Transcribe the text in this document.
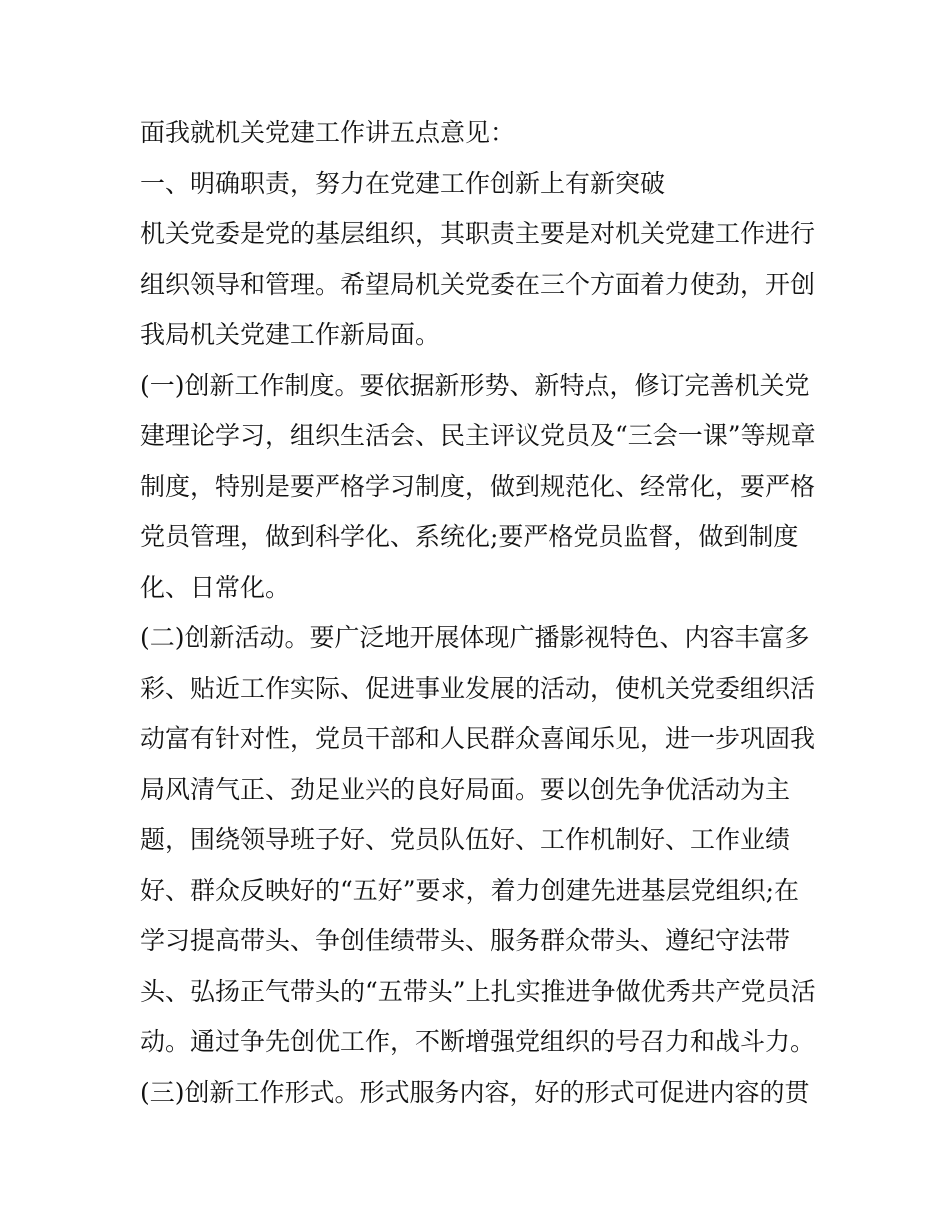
面我就机关党建工作讲五点意见：
一、明确职责，努力在党建工作创新上有新突破
机关党委是党的基层组织，其职责主要是对机关党建工作进行
组织领导和管理。希望局机关党委在三个方面着力使劲，开创
我局机关党建工作新局面。
(一)创新工作制度。要依据新形势、新特点，修订完善机关党
建理论学习，组织生活会、民主评议党员及“三会一课”等规章
制度，特别是要严格学习制度，做到规范化、经常化，要严格
党员管理，做到科学化、系统化;要严格党员监督，做到制度
化、日常化。
(二)创新活动。要广泛地开展体现广播影视特色、内容丰富多
彩、贴近工作实际、促进事业发展的活动，使机关党委组织活
动富有针对性，党员干部和人民群众喜闻乐见，进一步巩固我
局风清气正、劲足业兴的良好局面。要以创先争优活动为主
题，围绕领导班子好、党员队伍好、工作机制好、工作业绩
好、群众反映好的“五好”要求，着力创建先进基层党组织;在
学习提高带头、争创佳绩带头、服务群众带头、遵纪守法带
头、弘扬正气带头的“五带头”上扎实推进争做优秀共产党员活
动。通过争先创优工作，不断增强党组织的号召力和战斗力。
(三)创新工作形式。形式服务内容，好的形式可促进内容的贯
